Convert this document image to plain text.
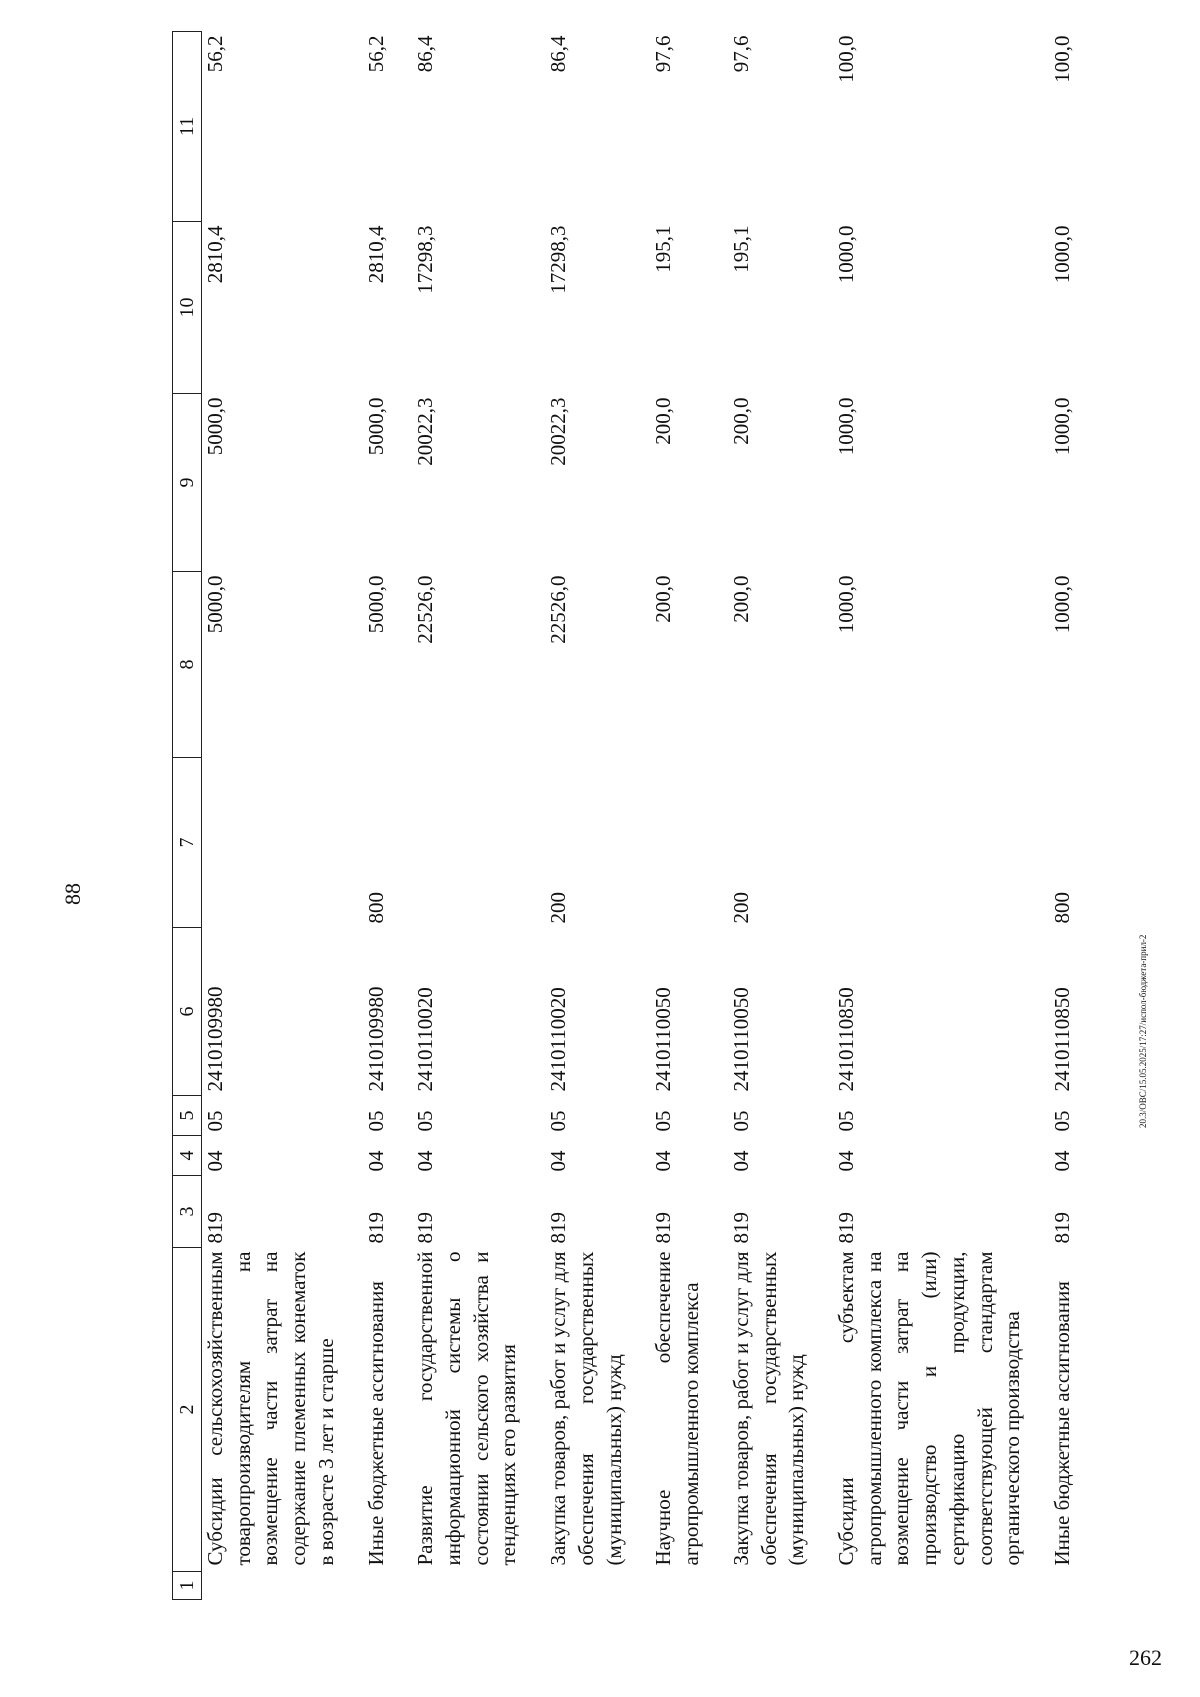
88
20.3/ОВС/15.05.2025/17:27/испол-бюджета-прил-2
262
1	2	3	4	5	6	7	8	9	10	11
	Субсидии сельскохозяйственным товаропроизводителям на возмещение части затрат на содержание племенных конематок в возрасте 3 лет и старше	819	04	05	2410109980		5000,0	5000,0	2810,4	56,2
	Иные бюджетные ассигнования	819	04	05	2410109980	800	5000,0	5000,0	2810,4	56,2
	Развитие государственной информационной системы о состоянии сельского хозяйства и тенденциях его развития	819	04	05	2410110020		22526,0	20022,3	17298,3	86,4
	Закупка товаров, работ и услуг для обеспечения государственных (муниципальных) нужд	819	04	05	2410110020	200	22526,0	20022,3	17298,3	86,4
	Научное обеспечение агропромышленного комплекса	819	04	05	2410110050		200,0	200,0	195,1	97,6
	Закупка товаров, работ и услуг для обеспечения государственных (муниципальных) нужд	819	04	05	2410110050	200	200,0	200,0	195,1	97,6
	Субсидии субъектам агропромышленного комплекса на возмещение части затрат на производство и (или) сертификацию продукции, соответствующей стандартам органического производства	819	04	05	2410110850		1000,0	1000,0	1000,0	100,0
	Иные бюджетные ассигнования	819	04	05	2410110850	800	1000,0	1000,0	1000,0	100,0
